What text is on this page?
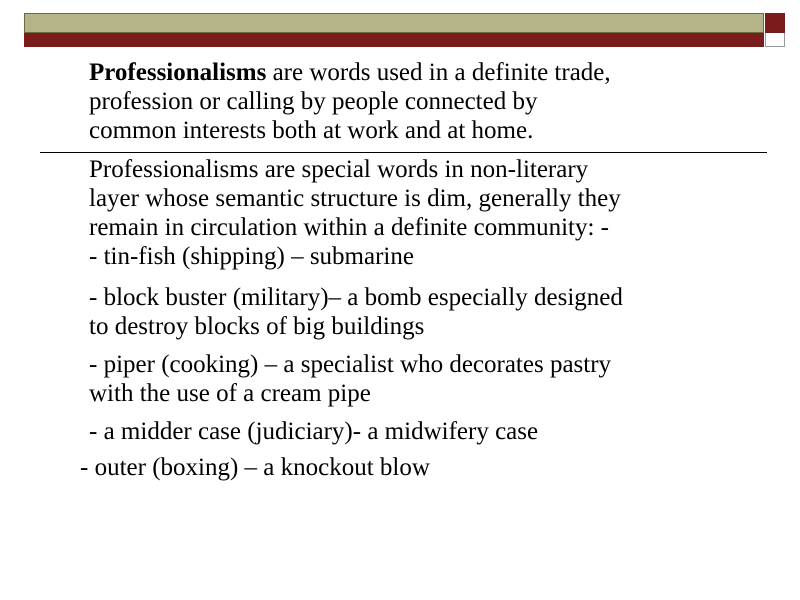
Professionalisms are words used in a definite trade,
profession or calling by people connected by
common interests both at work and at home.
Professionalisms are special words in non-literary
layer whose semantic structure is dim, generally they
remain in circulation within a definite community: -
- tin-fish (shipping) – submarine
- block buster (military)– a bomb especially designed
to destroy blocks of big buildings
- piper (cooking) – a specialist who decorates pastry
with the use of a cream pipe
- a midder case (judiciary)- a midwifery case
- outer (boxing) – a knockout blow
